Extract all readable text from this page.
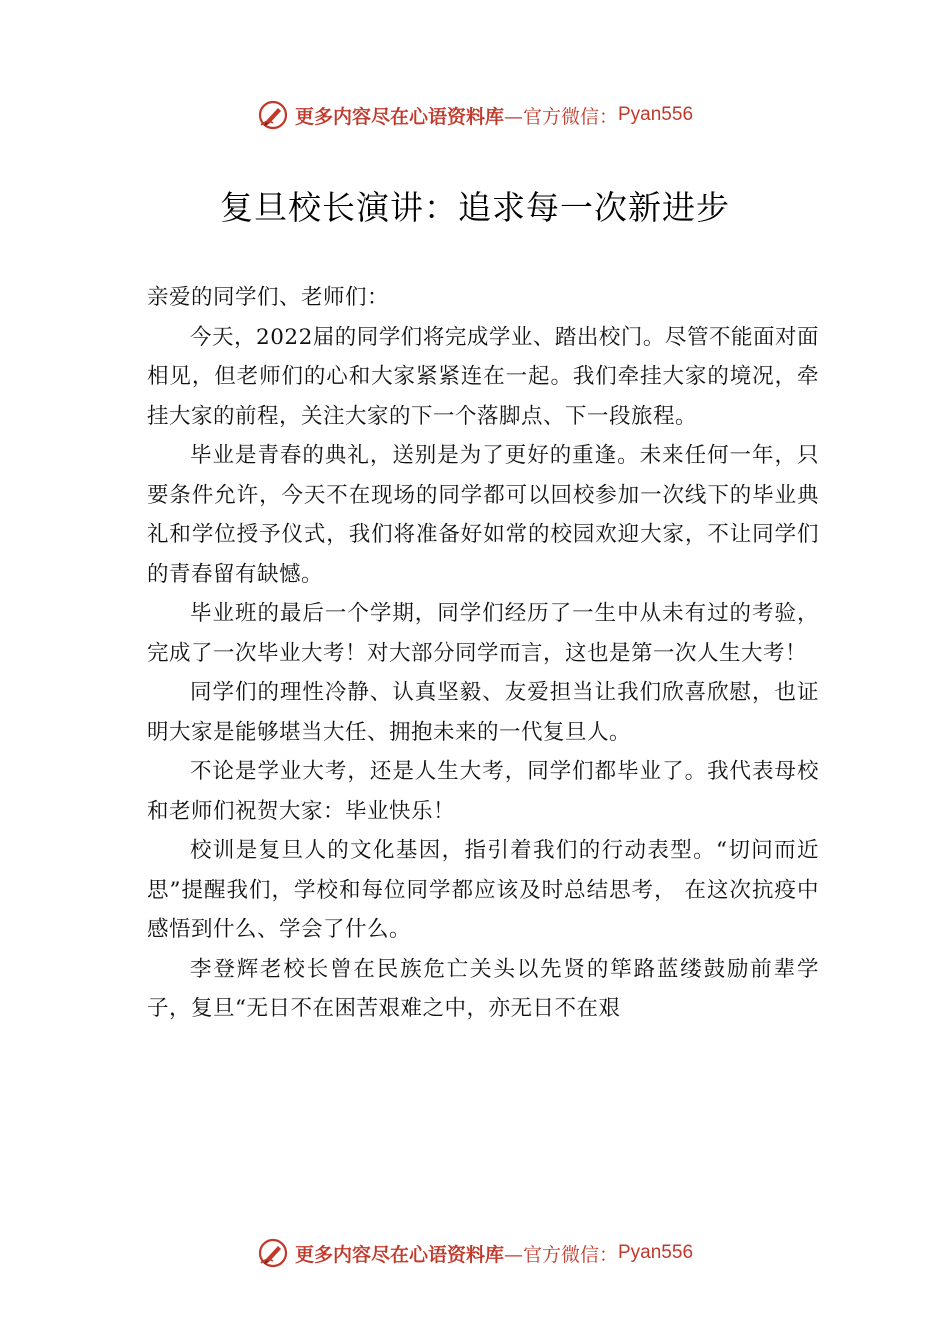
更多内容尽在心语资料库 —官方微信： Pyan556
复旦校长演讲：追求每一次新进步

亲爱的同学们、老师们：

今天，2022届的同学们将完成学业、踏出校门。尽管不能面对面相见，但老师们的心和大家紧紧连在一起。我们牵挂大家的境况，牵挂大家的前程，关注大家的下一个落脚点、下一段旅程。

毕业是青春的典礼，送别是为了更好的重逢。未来任何一年，只要条件允许，今天不在现场的同学都可以回校参加一次线下的毕业典礼和学位授予仪式，我们将准备好如常的校园欢迎大家，不让同学们的青春留有缺憾。

毕业班的最后一个学期，同学们经历了一生中从未有过的考验，完成了一次毕业大考！对大部分同学而言，这也是第一次人生大考！

同学们的理性冷静、认真坚毅、友爱担当让我们欣喜欣慰，也证明大家是能够堪当大任、拥抱未来的一代复旦人。

不论是学业大考，还是人生大考，同学们都毕业了。我代表母校和老师们祝贺大家：毕业快乐！

校训是复旦人的文化基因，指引着我们的行动表型。“切问而近思”提醒我们，学校和每位同学都应该及时总结思考， 在这次抗疫中感悟到什么、学会了什么。

李登辉老校长曾在民族危亡关头以先贤的筚路蓝缕鼓励前辈学子，复旦“无日不在困苦艰难之中，亦无日不在艰

更多内容尽在心语资料库 —官方微信： Pyan556
